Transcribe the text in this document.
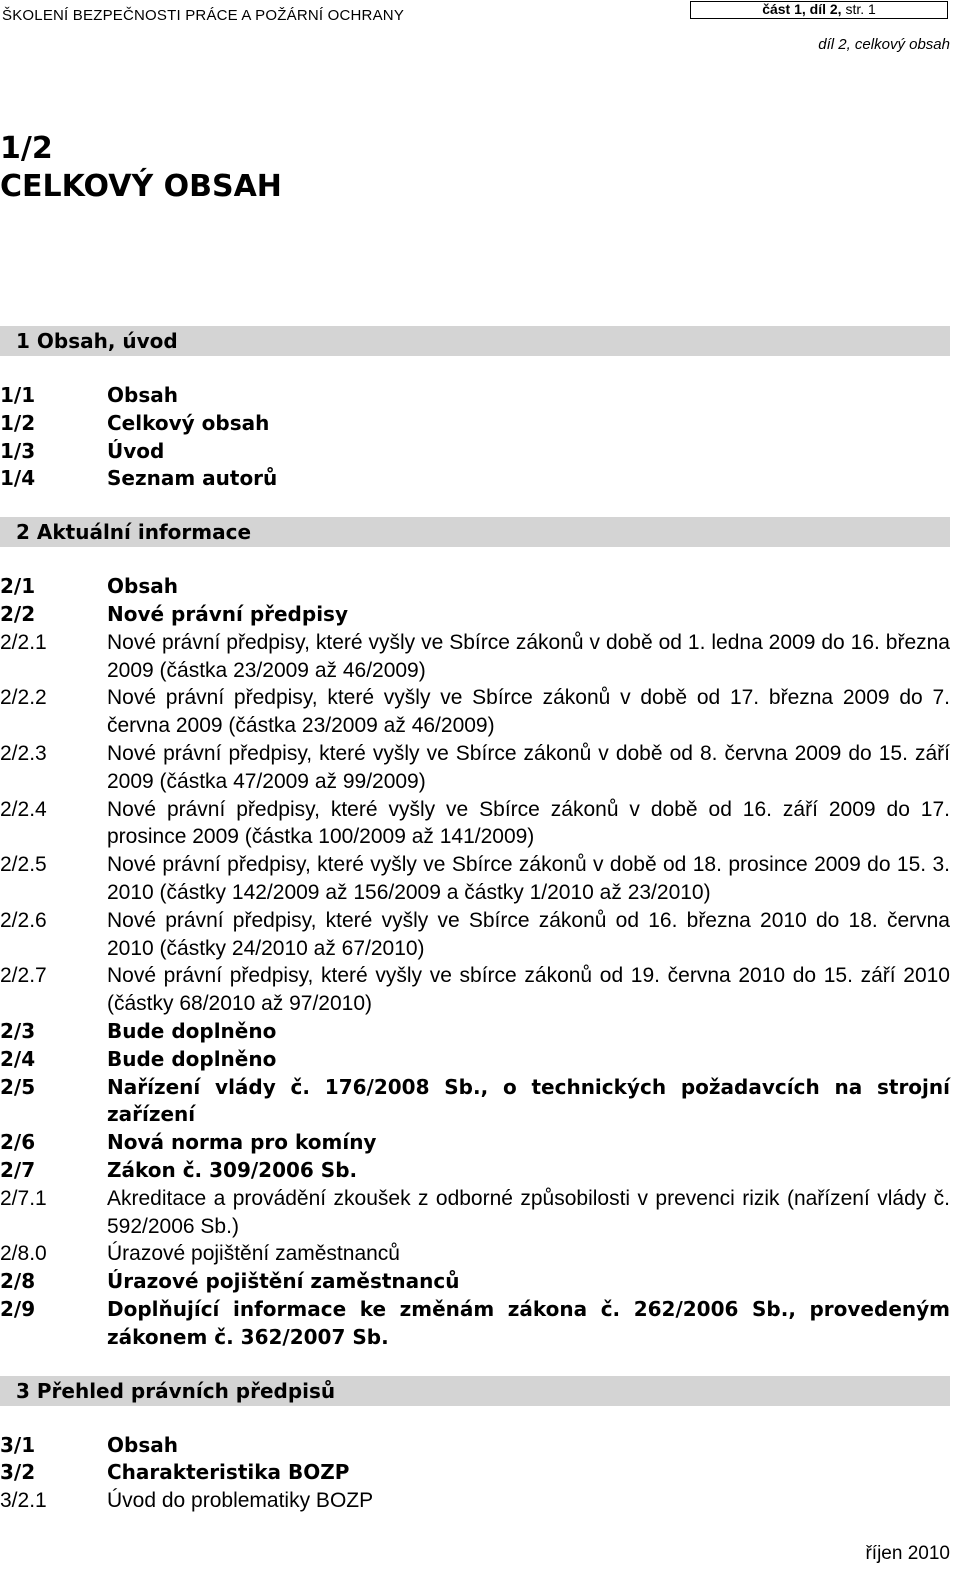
ŠKOLENÍ BEZPEČNOSTI PRÁCE A POŽÁRNÍ OCHRANY	část 1, díl 2, str. 1
díl 2, celkový obsah
1/2
CELKOVÝ OBSAH
1 Obsah, úvod
1/1	Obsah
1/2	Celkový obsah
1/3	Úvod
1/4	Seznam autorů
2 Aktuální informace
2/1	Obsah
2/2	Nové právní předpisy
2/2.1	Nové právní předpisy, které vyšly ve Sbírce zákonů v době od 1. ledna 2009 do 16. března 2009 (částka 23/2009 až 46/2009)
2/2.2	Nové právní předpisy, které vyšly ve Sbírce zákonů v době od 17. března 2009 do 7. června 2009 (částka 23/2009 až 46/2009)
2/2.3	Nové právní předpisy, které vyšly ve Sbírce zákonů v době od 8. června 2009 do 15. září 2009 (částka 47/2009 až 99/2009)
2/2.4	Nové právní předpisy, které vyšly ve Sbírce zákonů v době od 16. září 2009 do 17. prosince 2009 (částka 100/2009 až 141/2009)
2/2.5	Nové právní předpisy, které vyšly ve Sbírce zákonů v době od 18. prosince 2009 do 15. 3. 2010 (částky 142/2009 až 156/2009 a částky 1/2010 až 23/2010)
2/2.6	Nové právní předpisy, které vyšly ve Sbírce zákonů od 16. března 2010 do 18. června 2010 (částky 24/2010 až 67/2010)
2/2.7	Nové právní předpisy, které vyšly ve sbírce zákonů od 19. června 2010 do 15. září 2010 (částky 68/2010 až 97/2010)
2/3	Bude doplněno
2/4	Bude doplněno
2/5	Nařízení vlády č. 176/2008 Sb., o technických požadavcích na strojní zařízení
2/6	Nová norma pro komíny
2/7	Zákon č. 309/2006 Sb.
2/7.1	Akreditace a provádění zkoušek z odborné způsobilosti v prevenci rizik (nařízení vlády č. 592/2006 Sb.)
2/8.0	Úrazové pojištění zaměstnanců
2/8	Úrazové pojištění zaměstnanců
2/9	Doplňující informace ke změnám zákona č. 262/2006 Sb., provedeným zákonem č. 362/2007 Sb.
3 Přehled právních předpisů
3/1	Obsah
3/2	Charakteristika BOZP
3/2.1	Úvod do problematiky BOZP
říjen 2010
